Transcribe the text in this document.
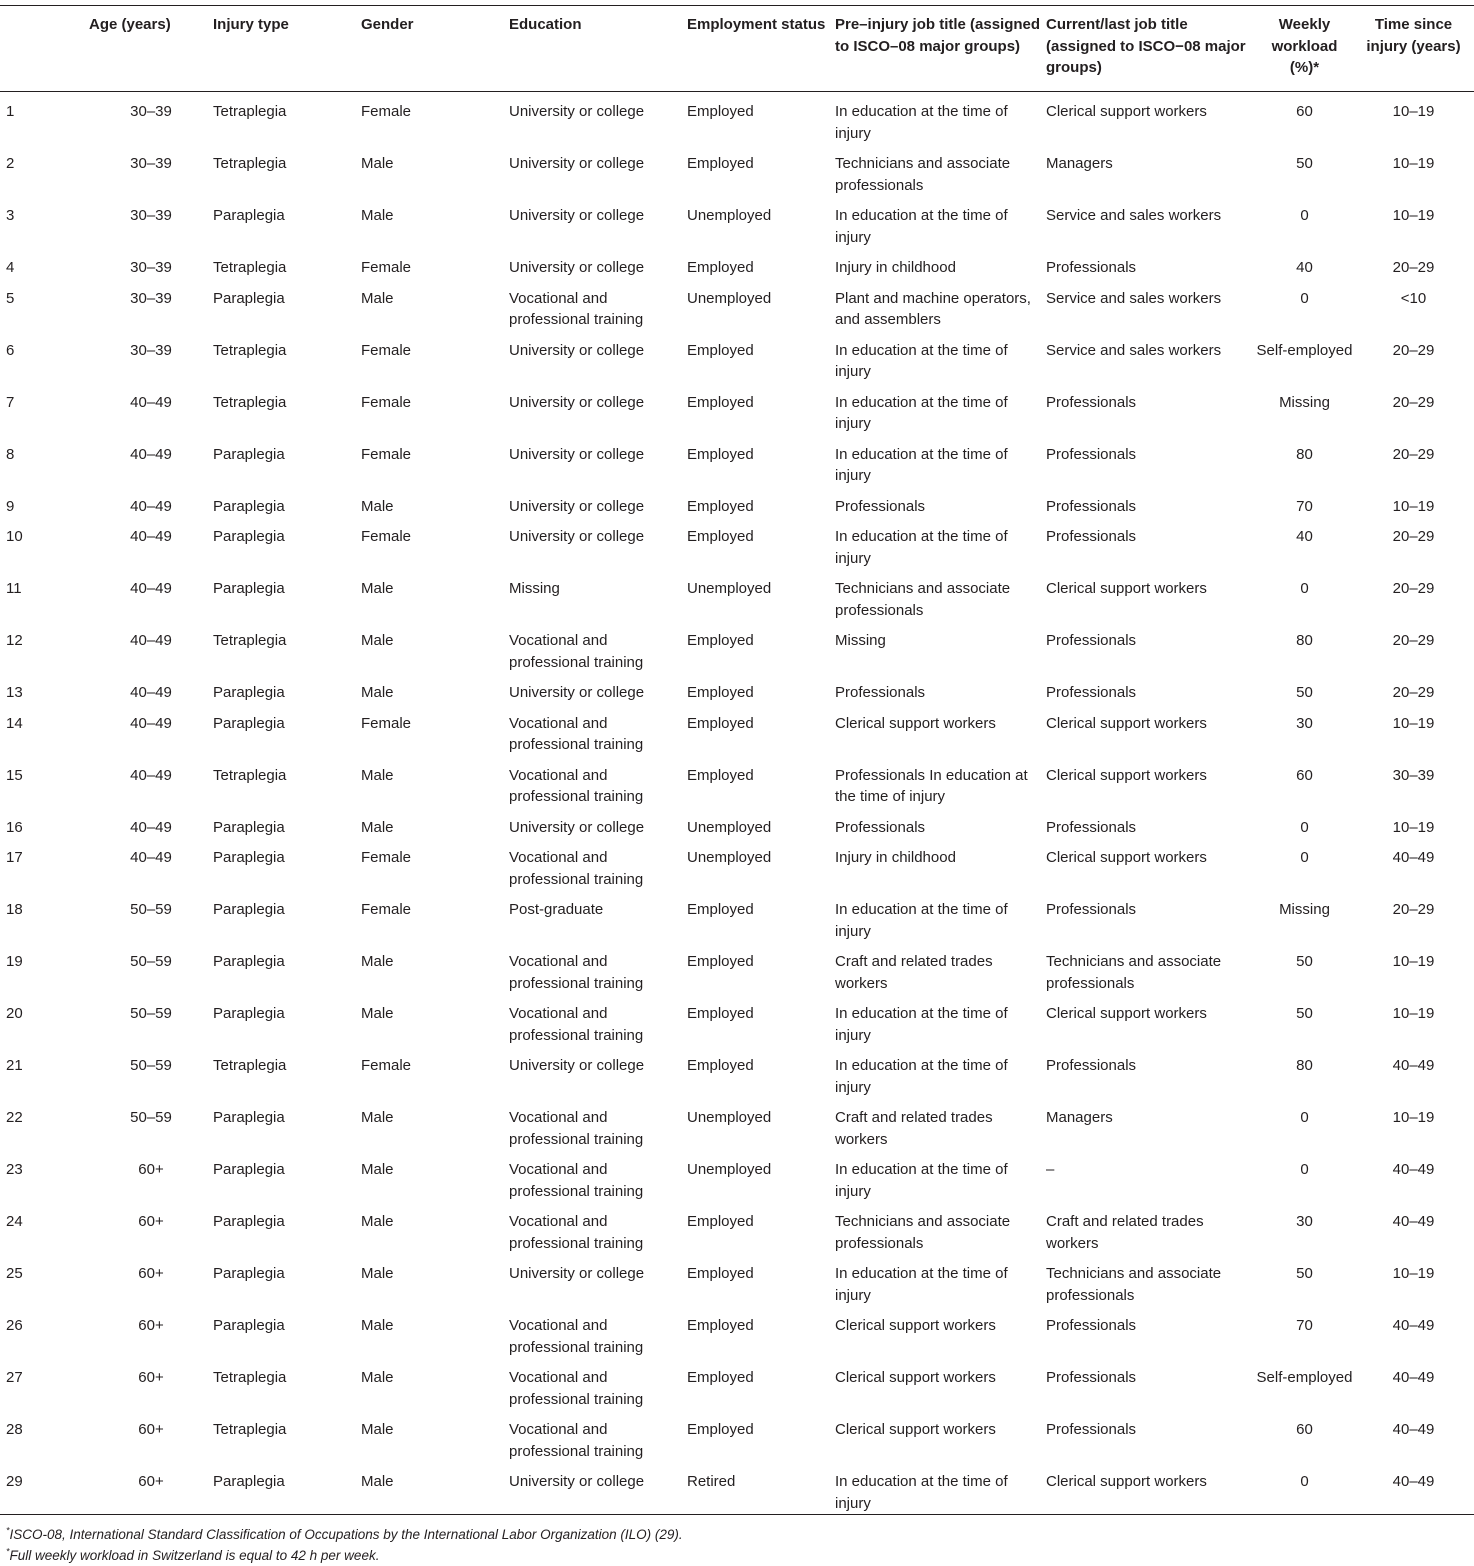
	Age (years)	Injury type	Gender	Education	Employment status	Pre–injury job title (assigned to ISCO–08 major groups)	Current/last job title (assigned to ISCO−08 major groups)	Weekly workload (%)*	Time since injury (years)
1	30–39	Tetraplegia	Female	University or college	Employed	In education at the time of injury	Clerical support workers	60	10–19
2	30–39	Tetraplegia	Male	University or college	Employed	Technicians and associate professionals	Managers	50	10–19
3	30–39	Paraplegia	Male	University or college	Unemployed	In education at the time of injury	Service and sales workers	0	10–19
4	30–39	Tetraplegia	Female	University or college	Employed	Injury in childhood	Professionals	40	20–29
5	30–39	Paraplegia	Male	Vocational and professional training	Unemployed	Plant and machine operators, and assemblers	Service and sales workers	0	<10
6	30–39	Tetraplegia	Female	University or college	Employed	In education at the time of injury	Service and sales workers	Self-employed	20–29
7	40–49	Tetraplegia	Female	University or college	Employed	In education at the time of injury	Professionals	Missing	20–29
8	40–49	Paraplegia	Female	University or college	Employed	In education at the time of injury	Professionals	80	20–29
9	40–49	Paraplegia	Male	University or college	Employed	Professionals	Professionals	70	10–19
10	40–49	Paraplegia	Female	University or college	Employed	In education at the time of injury	Professionals	40	20–29
11	40–49	Paraplegia	Male	Missing	Unemployed	Technicians and associate professionals	Clerical support workers	0	20–29
12	40–49	Tetraplegia	Male	Vocational and professional training	Employed	Missing	Professionals	80	20–29
13	40–49	Paraplegia	Male	University or college	Employed	Professionals	Professionals	50	20–29
14	40–49	Paraplegia	Female	Vocational and professional training	Employed	Clerical support workers	Clerical support workers	30	10–19
15	40–49	Tetraplegia	Male	Vocational and professional training	Employed	Professionals In education at the time of injury	Clerical support workers	60	30–39
16	40–49	Paraplegia	Male	University or college	Unemployed	Professionals	Professionals	0	10–19
17	40–49	Paraplegia	Female	Vocational and professional training	Unemployed	Injury in childhood	Clerical support workers	0	40–49
18	50–59	Paraplegia	Female	Post-graduate	Employed	In education at the time of injury	Professionals	Missing	20–29
19	50–59	Paraplegia	Male	Vocational and professional training	Employed	Craft and related trades workers	Technicians and associate professionals	50	10–19
20	50–59	Paraplegia	Male	Vocational and professional training	Employed	In education at the time of injury	Clerical support workers	50	10–19
21	50–59	Tetraplegia	Female	University or college	Employed	In education at the time of injury	Professionals	80	40–49
22	50–59	Paraplegia	Male	Vocational and professional training	Unemployed	Craft and related trades workers	Managers	0	10–19
23	60+	Paraplegia	Male	Vocational and professional training	Unemployed	In education at the time of injury	–	0	40–49
24	60+	Paraplegia	Male	Vocational and professional training	Employed	Technicians and associate professionals	Craft and related trades workers	30	40–49
25	60+	Paraplegia	Male	University or college	Employed	In education at the time of injury	Technicians and associate professionals	50	10–19
26	60+	Paraplegia	Male	Vocational and professional training	Employed	Clerical support workers	Professionals	70	40–49
27	60+	Tetraplegia	Male	Vocational and professional training	Employed	Clerical support workers	Professionals	Self-employed	40–49
28	60+	Tetraplegia	Male	Vocational and professional training	Employed	Clerical support workers	Professionals	60	40–49
29	60+	Paraplegia	Male	University or college	Retired	In education at the time of injury	Clerical support workers	0	40–49
*ISCO-08, International Standard Classification of Occupations by the International Labor Organization (ILO) (29).
*Full weekly workload in Switzerland is equal to 42 h per week.
